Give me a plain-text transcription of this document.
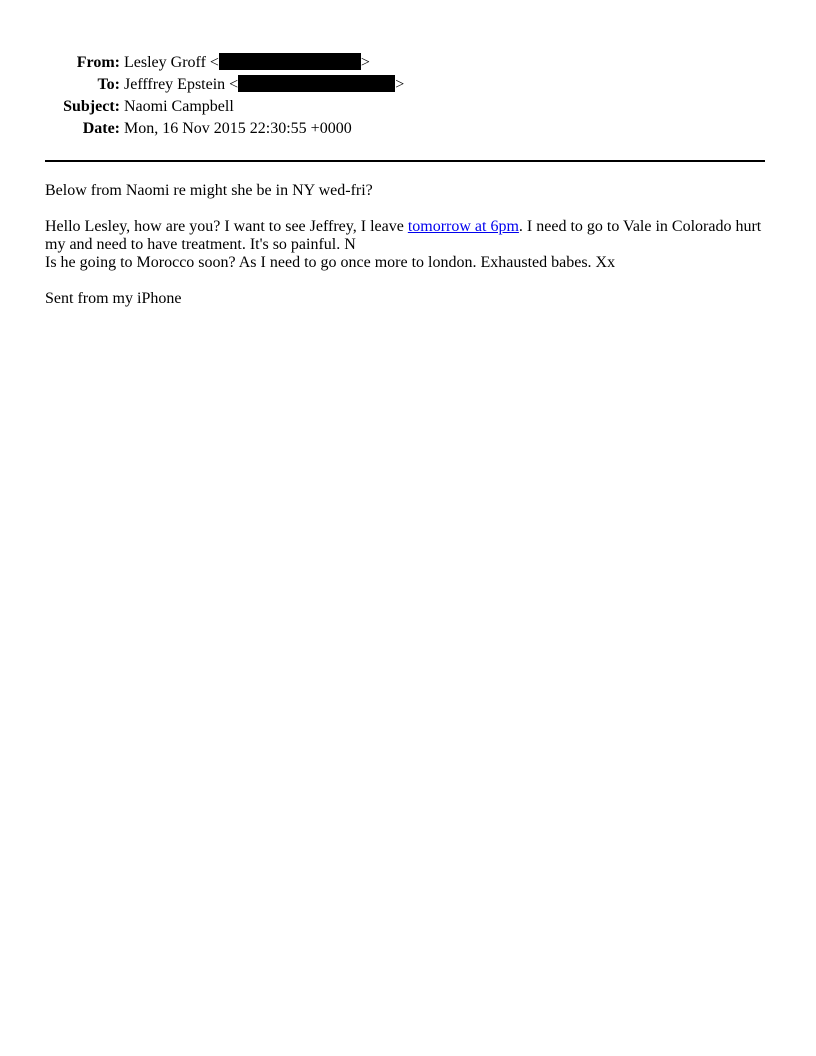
From:	Lesley Groff < >
To:	Jefffrey Epstein < >
Subject:	Naomi Campbell
Date:	Mon, 16 Nov 2015 22:30:55 +0000

Below from Naomi re might she be in NY wed-fri?

Hello Lesley, how are you? I want to see Jeffrey, I leave tomorrow at 6pm. I need to go to Vale in Colorado hurt my and need to have treatment. It's so painful. N

Is he going to Morocco soon? As I need to go once more to london. Exhausted babes. Xx

Sent from my iPhone
